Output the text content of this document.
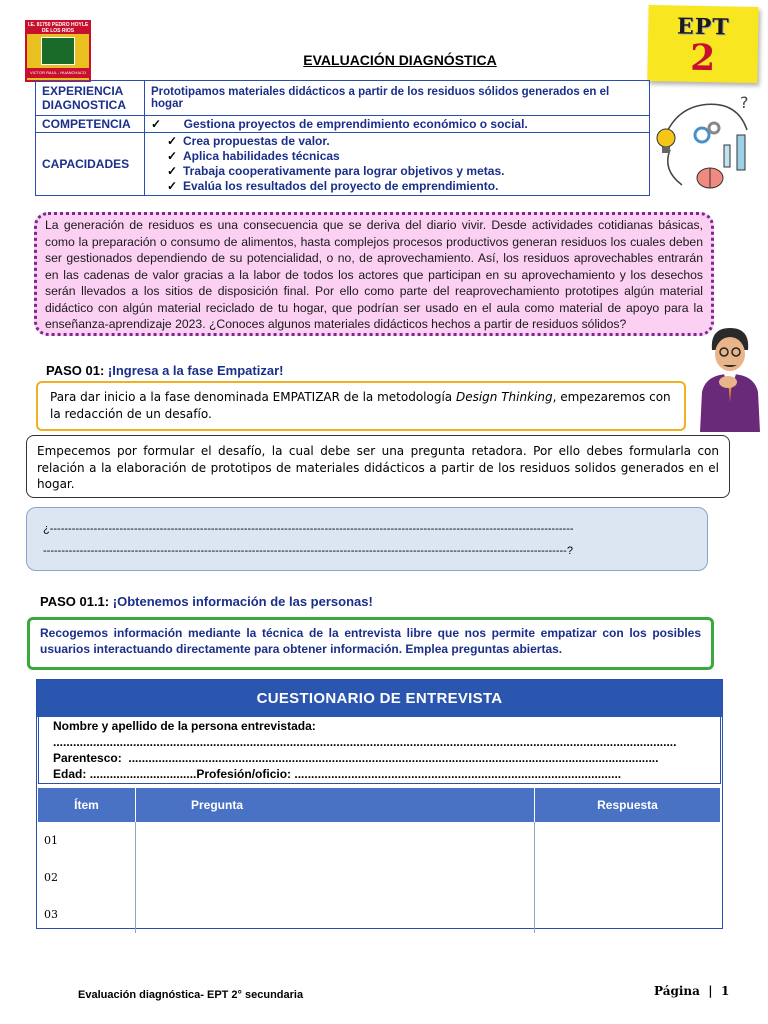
I.E. 81750 PEDRO HOYLE DE LOS RIOS
VICTOR RAUL - HUANCHACO
EVALUACIÓN DIAGNÓSTICA
EPT
2
EXPERIENCIA DIAGNOSTICA	Prototipamos materiales didácticos a partir de los residuos sólidos generados en el hogar
COMPETENCIA	✓ Gestiona proyectos de emprendimiento económico o social.
CAPACIDADES	✓ Crea propuestas de valor.
✓ Aplica habilidades técnicas
✓ Trabaja cooperativamente para lograr objetivos y metas.
✓ Evalúa los resultados del proyecto de emprendimiento.
?
La generación de residuos es una consecuencia que se deriva del diario vivir. Desde actividades cotidianas básicas, como la preparación o consumo de alimentos, hasta complejos procesos productivos generan residuos los cuales deben ser gestionados dependiendo de su potencialidad, o no, de aprovechamiento. Así, los residuos aprovechables entrarán en las cadenas de valor gracias a la labor de todos los actores que participan en su aprovechamiento y los desechos serán llevados a los sitios de disposición final. Por ello como parte del reaprovechamiento prototipes algún material didáctico con algún material reciclado de tu hogar, que podrían ser usado en el aula como material de apoyo para la enseñanza-aprendizaje 2023. ¿Conoces algunos materiales didácticos hechos a partir de residuos sólidos?
PASO 01: ¡Ingresa a la fase Empatizar!
Para dar inicio a la fase denominada EMPATIZAR de la metodología Design Thinking, empezaremos con la redacción de un desafío.
Empecemos por formular el desafío, la cual debe ser una pregunta retadora. Por ello debes formularla con relación a la elaboración de prototipos de materiales didácticos a partir de los residuos solidos generados en el hogar.
¿-----------------------------------------------------------------------------------------------------------------------------------------------
-----------------------------------------------------------------------------------------------------------------------------------------------?
PASO 01.1: ¡Obtenemos información de las personas!
Recogemos información mediante la técnica de la entrevista libre que nos permite empatizar con los posibles usuarios interactuando directamente para obtener información. Emplea preguntas abiertas.
CUESTIONARIO DE ENTREVISTA
Nombre y apellido de la persona entrevistada:
...........................................................................................................................................................................................
Parentesco: ...............................................................................................................................................................
Edad: ................................Profesión/oficio: ..................................................................................................
Ítem	Pregunta	Respuesta
01		
02		
03		
Evaluación diagnóstica- EPT 2° secundaria	Página | 1
